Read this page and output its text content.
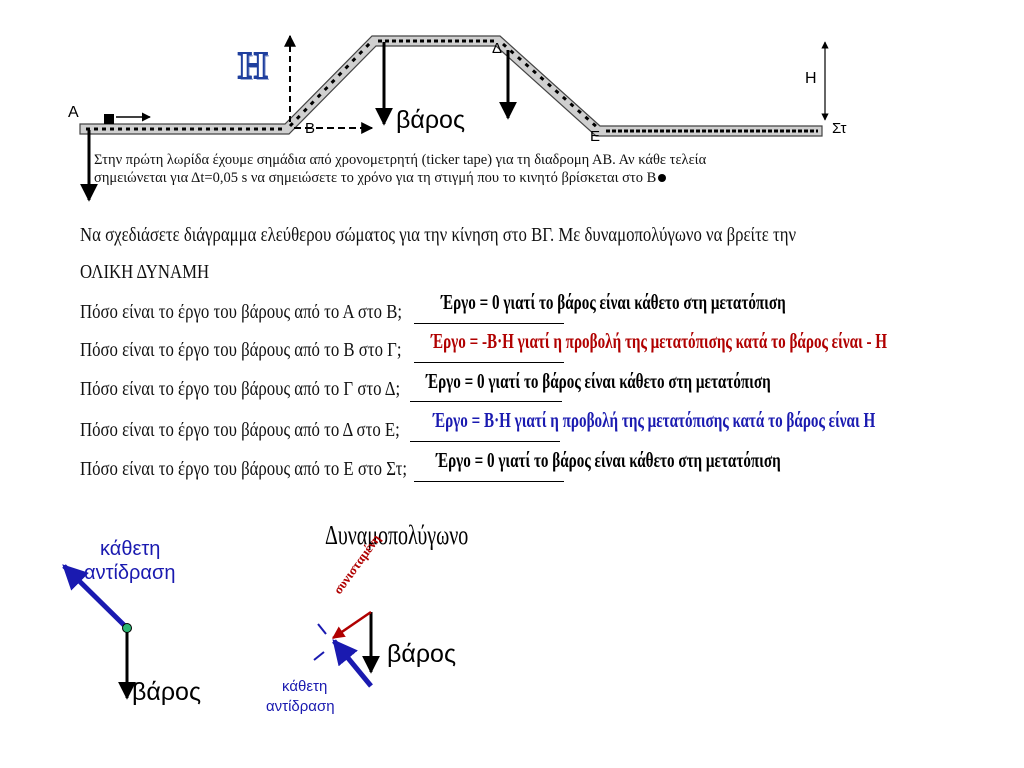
H
A
B
Δ
E	Στ
H
βάρος
Στην πρώτη λωρίδα έχουμε σημάδια από χρονομετρητή (ticker tape) για τη διαδρομη ΑΒ. Αν κάθε τελεία
σημειώνεται για Δt=0,05 s να σημειώσετε το χρόνο για τη στιγμή που το κινητό βρίσκεται στο Β
Να σχεδιάσετε διάγραμμα ελεύθερου σώματος για την κίνηση στο ΒΓ. Με δυναμοπολύγωνο να βρείτε την
ΟΛΙΚΗ ΔΥΝΑΜΗ
Πόσο είναι το έργο του βάρους από το Α στο Β;
Πόσο είναι το έργο του βάρους από το Β στο Γ;
Πόσο είναι το έργο του βάρους από το Γ στο Δ;
Πόσο είναι το έργο του βάρους από το Δ στο Ε;
Πόσο είναι το έργο του βάρους από το Ε στο Στ;
Έργο = 0 γιατί το βάρος είναι κάθετο στη μετατόπιση
Έργο = -Β·Η γιατί η προβολή της μετατόπισης κατά το βάρος είναι - Η
Έργο = 0 γιατί το βάρος είναι κάθετο στη μετατόπιση
Έργο = Β·Η γιατί η προβολή της μετατόπισης κατά το βάρος είναι Η
Έργο = 0 γιατί το βάρος είναι κάθετο στη μετατόπιση
κάθετη
αντίδραση
βάρος
Δυναμοπολύγωνο
συνισταμένη
βάρος
κάθετη
αντίδραση
